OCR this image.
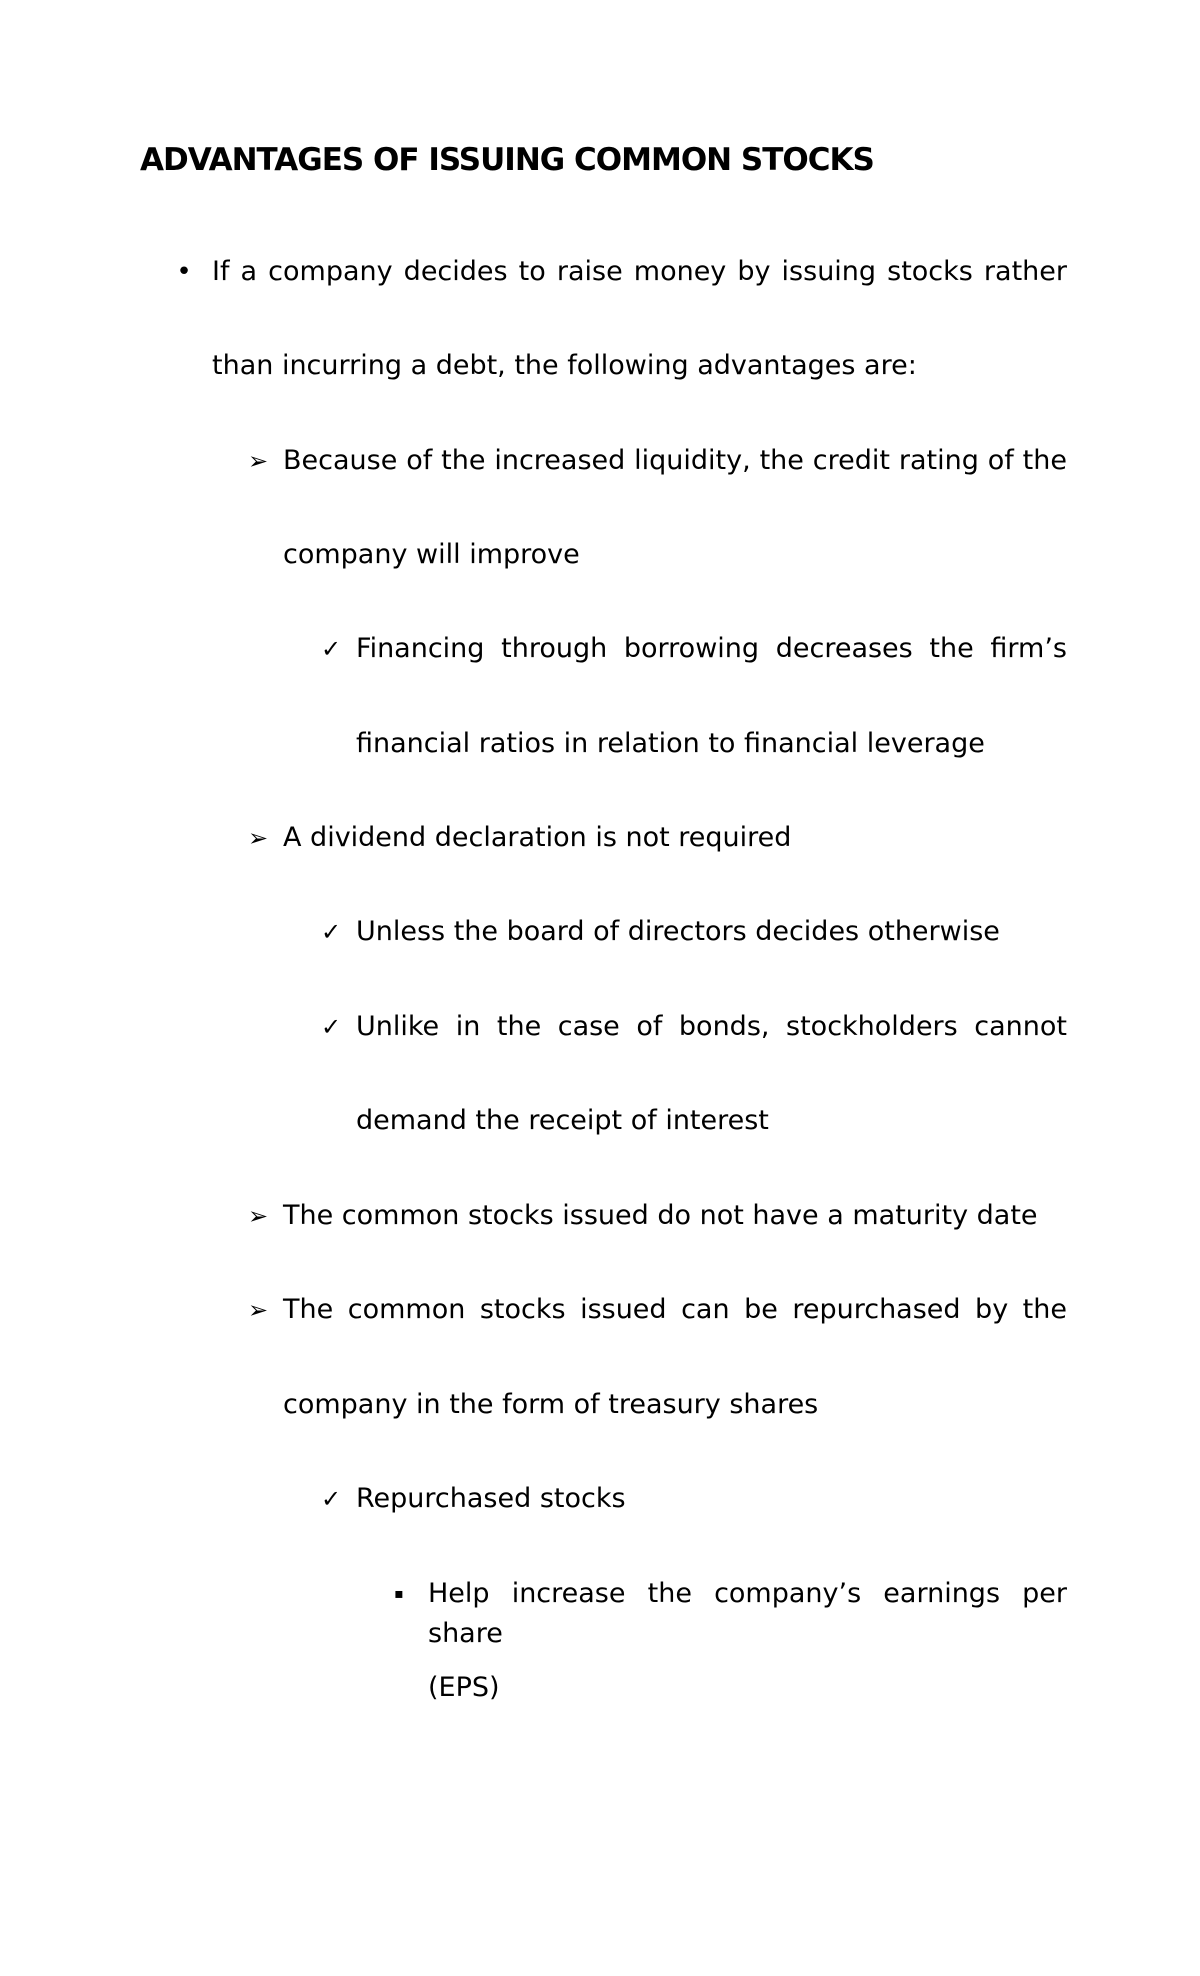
ADVANTAGES OF ISSUING COMMON STOCKS
• If a company decides to raise money by issuing stocks rather
than incurring a debt, the following advantages are:
➢ Because of the increased liquidity, the credit rating of the
company will improve
✓ Financing through borrowing decreases the firm’s
financial ratios in relation to financial leverage
➢ A dividend declaration is not required
✓ Unless the board of directors decides otherwise
✓ Unlike in the case of bonds, stockholders cannot
demand the receipt of interest
➢ The common stocks issued do not have a maturity date
➢ The common stocks issued can be repurchased by the
company in the form of treasury shares
✓ Repurchased stocks
▪ Help increase the company’s earnings per share
(EPS)
